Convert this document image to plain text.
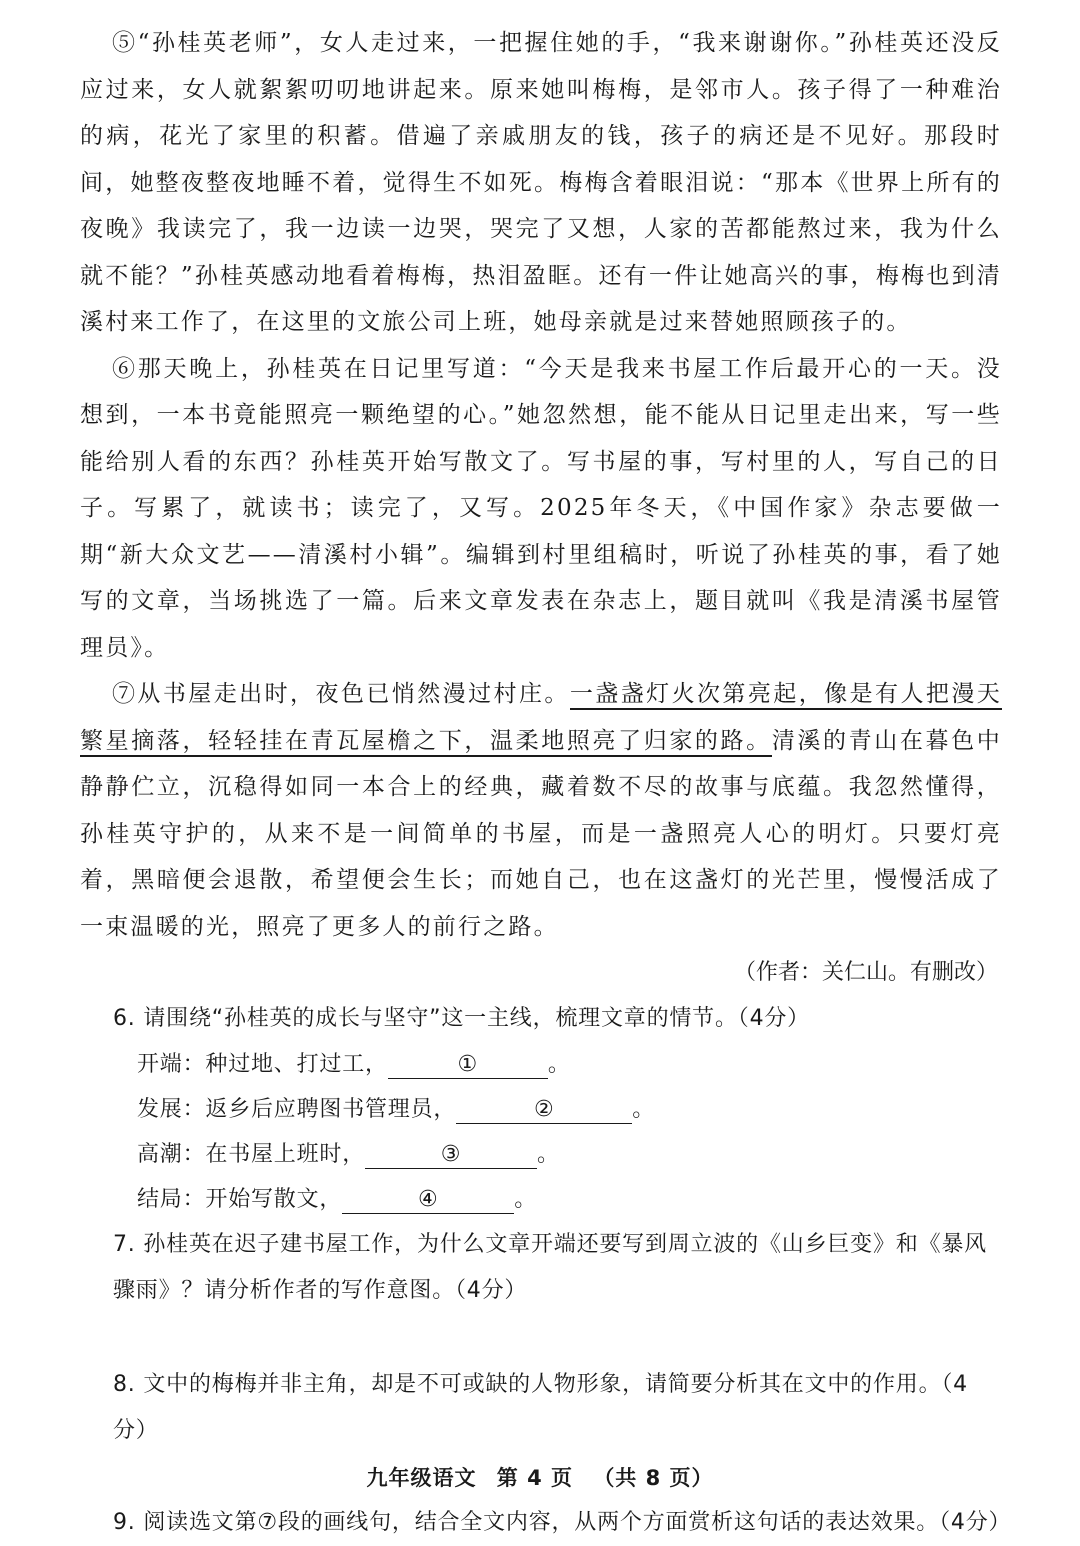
⑤“孙桂英老师”，女人走过来，一把握住她的手，“我来谢谢你。”孙桂英还没反应过来，女人就絮絮叨叨地讲起来。原来她叫梅梅，是邻市人。孩子得了一种难治的病，花光了家里的积蓄。借遍了亲戚朋友的钱，孩子的病还是不见好。那段时间，她整夜整夜地睡不着，觉得生不如死。梅梅含着眼泪说：“那本《世界上所有的夜晚》我读完了，我一边读一边哭，哭完了又想，人家的苦都能熬过来，我为什么就不能？”孙桂英感动地看着梅梅，热泪盈眶。还有一件让她高兴的事，梅梅也到清溪村来工作了，在这里的文旅公司上班，她母亲就是过来替她照顾孩子的。

⑥那天晚上，孙桂英在日记里写道：“今天是我来书屋工作后最开心的一天。没想到，一本书竟能照亮一颗绝望的心。”她忽然想，能不能从日记里走出来，写一些能给别人看的东西？孙桂英开始写散文了。写书屋的事，写村里的人，写自己的日子。写累了，就读书；读完了，又写。2025年冬天，《中国作家》杂志要做一期“新大众文艺——清溪村小辑”。编辑到村里组稿时，听说了孙桂英的事，看了她写的文章，当场挑选了一篇。后来文章发表在杂志上，题目就叫《我是清溪书屋管理员》。

⑦从书屋走出时，夜色已悄然漫过村庄。一盏盏灯火次第亮起，像是有人把漫天繁星摘落，轻轻挂在青瓦屋檐之下，温柔地照亮了归家的路。清溪的青山在暮色中静静伫立，沉稳得如同一本合上的经典，藏着数不尽的故事与底蕴。我忽然懂得，孙桂英守护的，从来不是一间简单的书屋，而是一盏照亮人心的明灯。只要灯亮着，黑暗便会退散，希望便会生长；而她自己，也在这盏灯的光芒里，慢慢活成了一束温暖的光，照亮了更多人的前行之路。

（作者：关仁山。有删改）

6. 请围绕“孙桂英的成长与坚守”这一主线，梳理文章的情节。（4分）

开端：种过地、打过工，	①	。

发展：返乡后应聘图书管理员，	②	。

高潮：在书屋上班时，	③	。

结局：开始写散文，	④	。

7. 孙桂英在迟子建书屋工作，为什么文章开端还要写到周立波的《山乡巨变》和《暴风骤雨》？请分析作者的写作意图。（4分）

8. 文中的梅梅并非主角，却是不可或缺的人物形象，请简要分析其在文中的作用。（4分）

9. 阅读选文第⑦段的画线句，结合全文内容，从两个方面赏析这句话的表达效果。（4分）

九年级语文 第 4 页 （共 8 页）
